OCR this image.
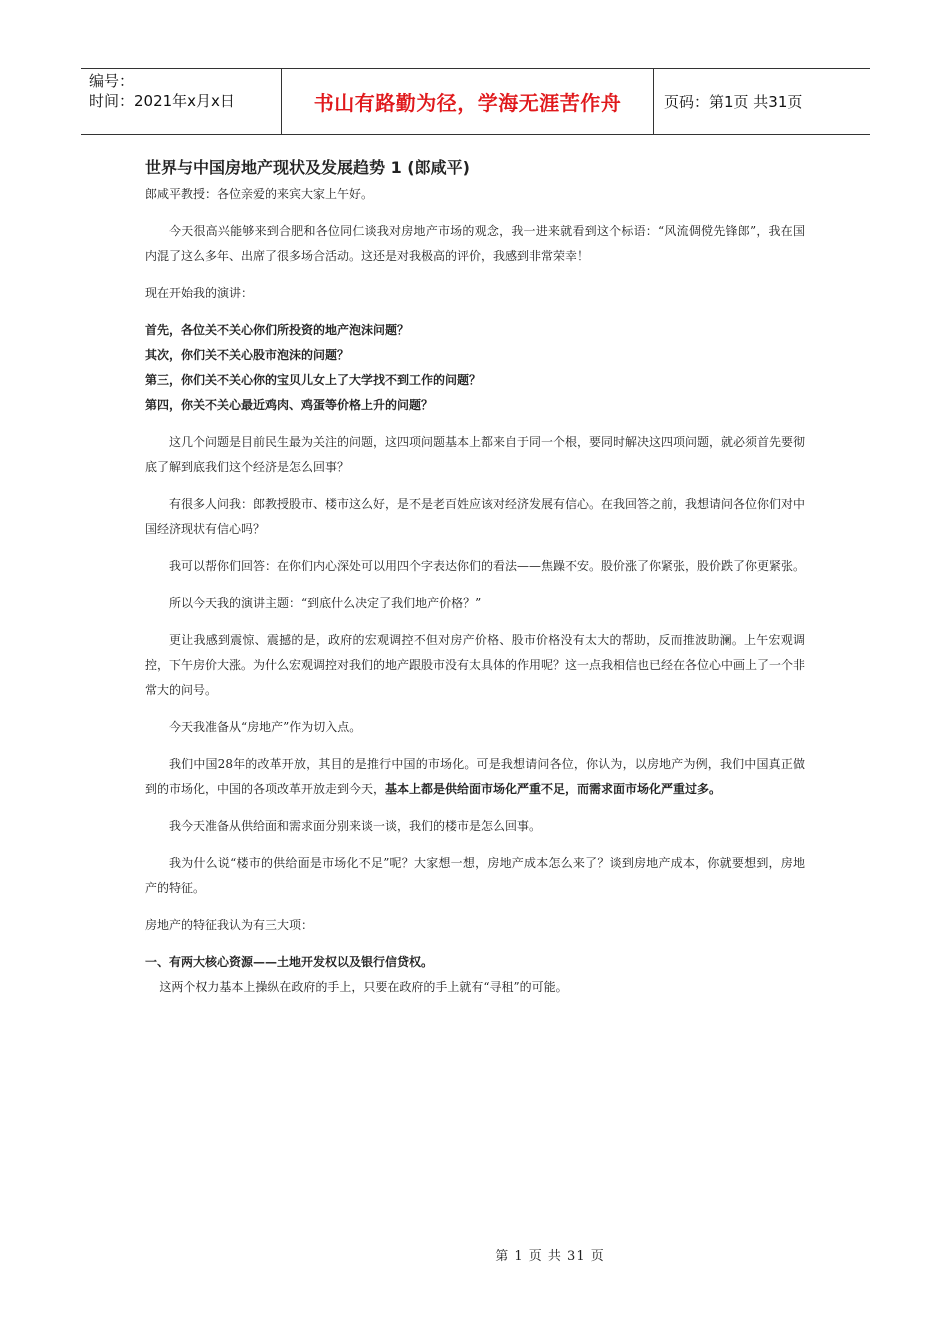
编号：
时间：2021年x月x日	书山有路勤为径，学海无涯苦作舟	页码：第1页 共31页
世界与中国房地产现状及发展趋势 1 (郎咸平)

郎咸平教授：各位亲爱的来宾大家上午好。

今天很高兴能够来到合肥和各位同仁谈我对房地产市场的观念，我一进来就看到这个标语：“风流倜傥先锋郎”，我在国内混了这么多年、出席了很多场合活动。这还是对我极高的评价，我感到非常荣幸！

现在开始我的演讲：

首先，各位关不关心你们所投资的地产泡沫问题？

其次，你们关不关心股市泡沫的问题？

第三，你们关不关心你的宝贝儿女上了大学找不到工作的问题？

第四，你关不关心最近鸡肉、鸡蛋等价格上升的问题？

这几个问题是目前民生最为关注的问题，这四项问题基本上都来自于同一个根，要同时解决这四项问题，就必须首先要彻底了解到底我们这个经济是怎么回事？

有很多人问我：郎教授股市、楼市这么好，是不是老百姓应该对经济发展有信心。在我回答之前，我想请问各位你们对中国经济现状有信心吗？

我可以帮你们回答：在你们内心深处可以用四个字表达你们的看法——焦躁不安。股价涨了你紧张，股价跌了你更紧张。

所以今天我的演讲主题：“到底什么决定了我们地产价格？”

更让我感到震惊、震撼的是，政府的宏观调控不但对房产价格、股市价格没有太大的帮助，反而推波助澜。上午宏观调控，下午房价大涨。为什么宏观调控对我们的地产跟股市没有太具体的作用呢？这一点我相信也已经在各位心中画上了一个非常大的问号。

今天我准备从“房地产”作为切入点。

我们中国28年的改革开放，其目的是推行中国的市场化。可是我想请问各位，你认为，以房地产为例，我们中国真正做到的市场化，中国的各项改革开放走到今天，基本上都是供给面市场化严重不足，而需求面市场化严重过多。

我今天准备从供给面和需求面分别来谈一谈，我们的楼市是怎么回事。

我为什么说“楼市的供给面是市场化不足”呢？大家想一想，房地产成本怎么来了？谈到房地产成本，你就要想到，房地产的特征。

房地产的特征我认为有三大项：

一、有两大核心资源——土地开发权以及银行信贷权。

这两个权力基本上操纵在政府的手上，只要在政府的手上就有“寻租”的可能。

第 1 页 共 31 页
